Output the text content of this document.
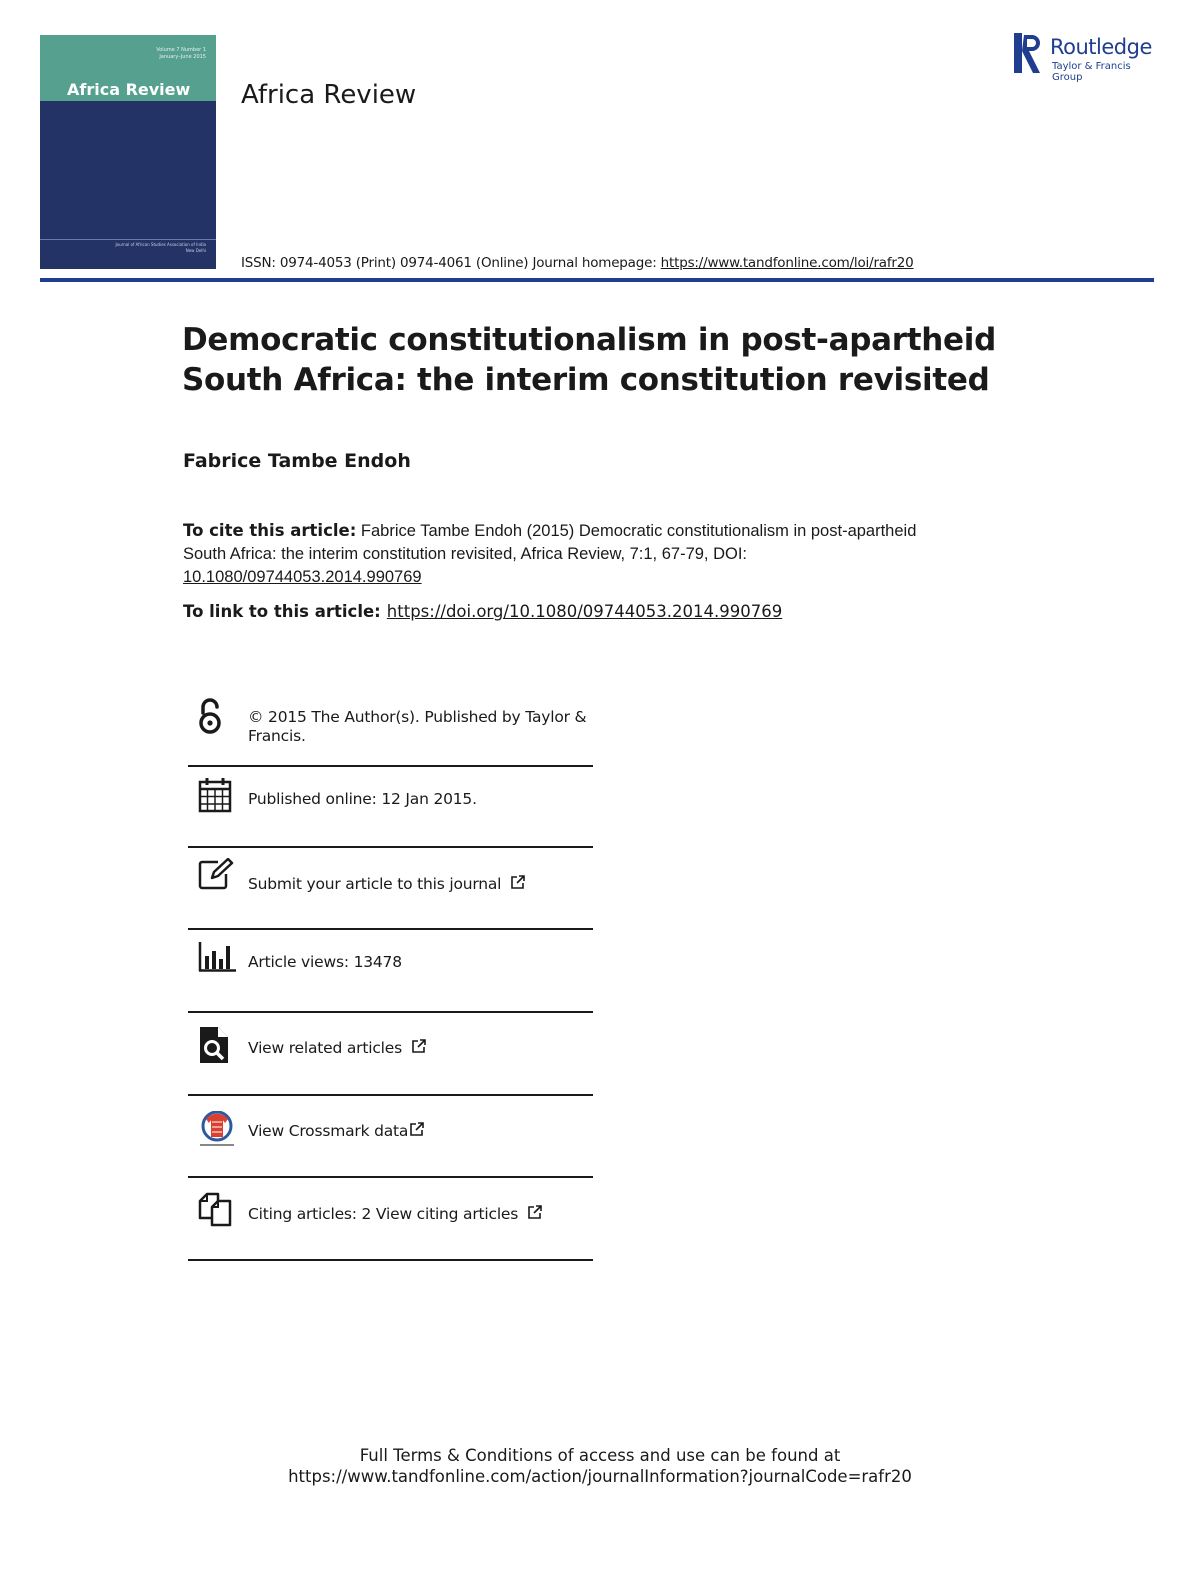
Volume 7 Number 1
January–June 2015
Africa Review
Journal of African Studies Association of India
New Delhi
Africa Review
Routledge
Taylor & Francis Group
ISSN: 0974-4053 (Print) 0974-4061 (Online) Journal homepage: https://www.tandfonline.com/loi/rafr20
Democratic constitutionalism in post-apartheid
South Africa: the interim constitution revisited
Fabrice Tambe Endoh
To cite this article: Fabrice Tambe Endoh (2015) Democratic constitutionalism in post-apartheid South Africa: the interim constitution revisited, Africa Review, 7:1, 67-79, DOI:
10.1080/09744053.2014.990769
To link to this article: https://doi.org/10.1080/09744053.2014.990769
© 2015 The Author(s). Published by Taylor &
Francis.
Published online: 12 Jan 2015.
Submit your article to this journal
Article views: 13478
View related articles
View Crossmark data
Citing articles: 2 View citing articles
Full Terms & Conditions of access and use can be found at
https://www.tandfonline.com/action/journalInformation?journalCode=rafr20
